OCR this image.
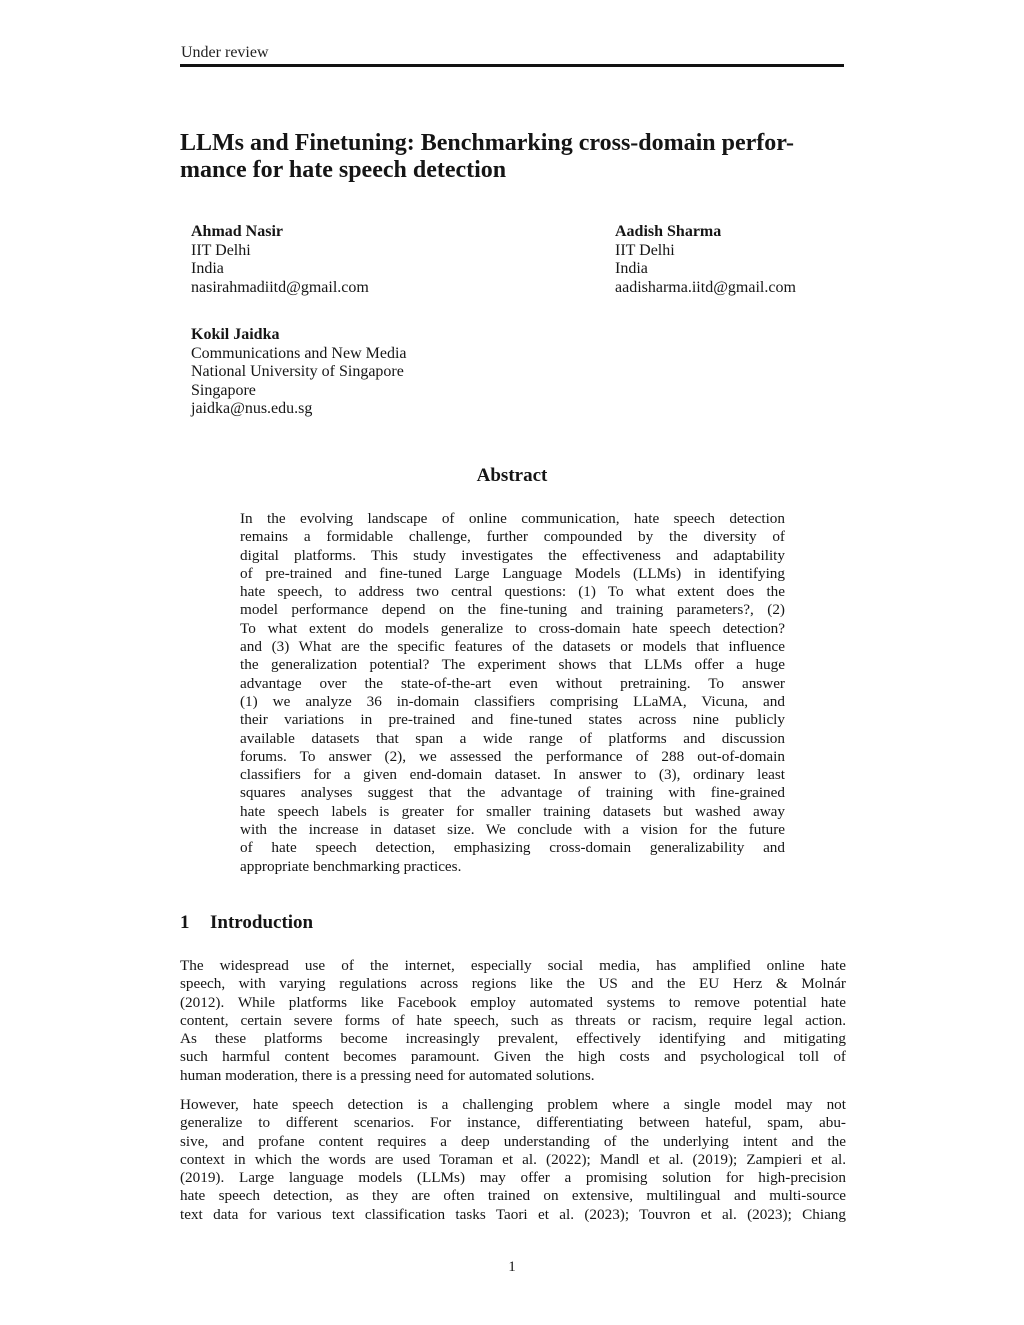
Under review
LLMs and Finetuning: Benchmarking cross-domain perfor-
mance for hate speech detection
Ahmad Nasir
IIT Delhi
India
nasirahmadiitd@gmail.com
Aadish Sharma
IIT Delhi
India
aadisharma.iitd@gmail.com
Kokil Jaidka
Communications and New Media
National University of Singapore
Singapore
jaidka@nus.edu.sg
Abstract
In the evolving landscape of online communication, hate speech detection
remains a formidable challenge, further compounded by the diversity of
digital platforms. This study investigates the effectiveness and adaptability
of pre-trained and fine-tuned Large Language Models (LLMs) in identifying
hate speech, to address two central questions: (1) To what extent does the
model performance depend on the fine-tuning and training parameters?, (2)
To what extent do models generalize to cross-domain hate speech detection?
and (3) What are the specific features of the datasets or models that influence
the generalization potential? The experiment shows that LLMs offer a huge
advantage over the state-of-the-art even without pretraining. To answer
(1) we analyze 36 in-domain classifiers comprising LLaMA, Vicuna, and
their variations in pre-trained and fine-tuned states across nine publicly
available datasets that span a wide range of platforms and discussion
forums. To answer (2), we assessed the performance of 288 out-of-domain
classifiers for a given end-domain dataset. In answer to (3), ordinary least
squares analyses suggest that the advantage of training with fine-grained
hate speech labels is greater for smaller training datasets but washed away
with the increase in dataset size. We conclude with a vision for the future
of hate speech detection, emphasizing cross-domain generalizability and
appropriate benchmarking practices.
1 Introduction
The widespread use of the internet, especially social media, has amplified online hate
speech, with varying regulations across regions like the US and the EU Herz & Molnár
(2012). While platforms like Facebook employ automated systems to remove potential hate
content, certain severe forms of hate speech, such as threats or racism, require legal action.
As these platforms become increasingly prevalent, effectively identifying and mitigating
such harmful content becomes paramount. Given the high costs and psychological toll of
human moderation, there is a pressing need for automated solutions.
However, hate speech detection is a challenging problem where a single model may not
generalize to different scenarios. For instance, differentiating between hateful, spam, abu-
sive, and profane content requires a deep understanding of the underlying intent and the
context in which the words are used Toraman et al. (2022); Mandl et al. (2019); Zampieri et al.
(2019). Large language models (LLMs) may offer a promising solution for high-precision
hate speech detection, as they are often trained on extensive, multilingual and multi-source
text data for various text classification tasks Taori et al. (2023); Touvron et al. (2023); Chiang
1
